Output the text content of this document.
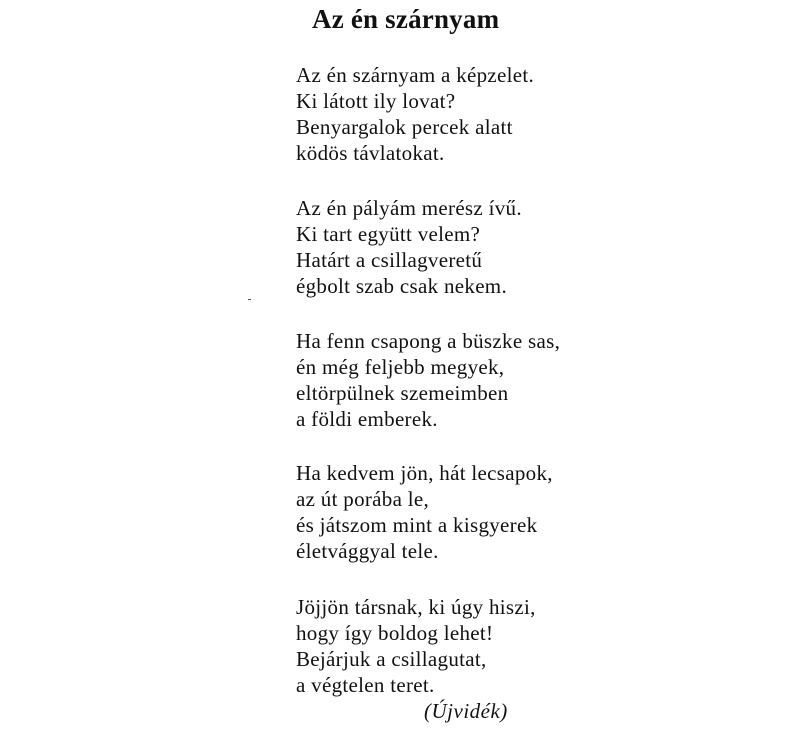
Az én szárnyam
Az én szárnyam a képzelet.
Ki látott ily lovat?
Benyargalok percek alatt
ködös távlatokat.
Az én pályám merész ívű.
Ki tart együtt velem?
Határt a csillagveretű
égbolt szab csak nekem.
Ha fenn csapong a büszke sas,
én még feljebb megyek,
eltörpülnek szemeimben
a földi emberek.
Ha kedvem jön, hát lecsapok,
az út porába le,
és játszom mint a kisgyerek
életvággyal tele.
Jöjjön társnak, ki úgy hiszi,
hogy így boldog lehet!
Bejárjuk a csillagutat,
a végtelen teret.
(Újvidék)
